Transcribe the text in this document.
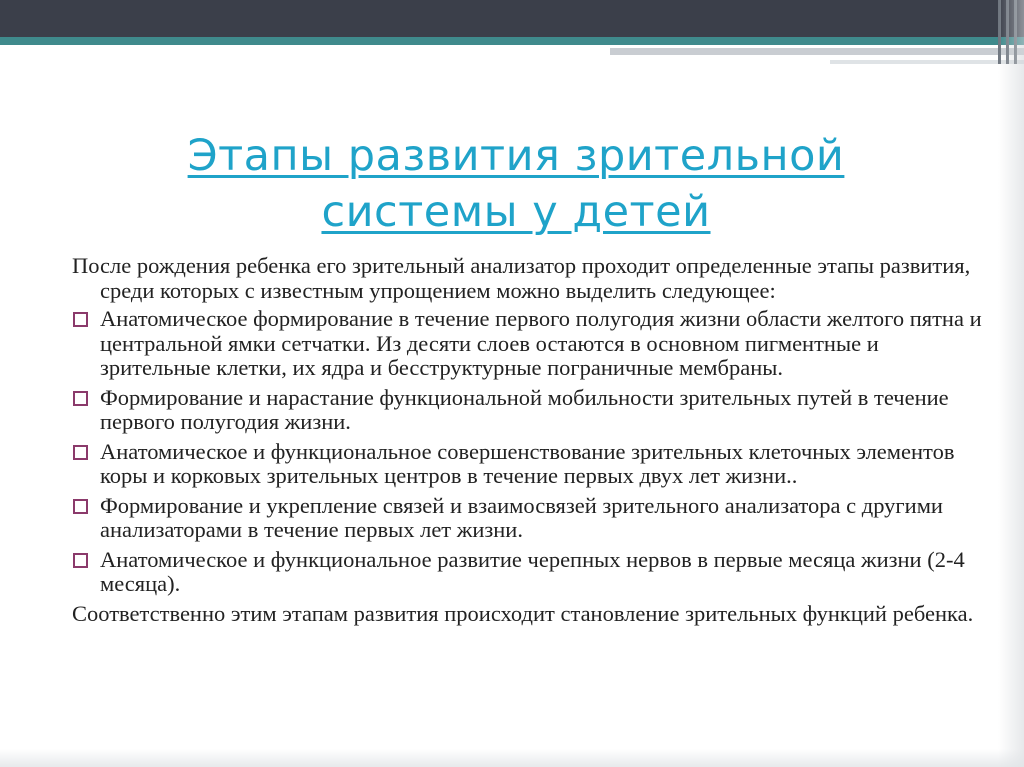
Этапы развития зрительной
системы у детей

После рождения ребенка его зрительный анализатор проходит определенные этапы развития, среди которых с известным упрощением можно выделить следующее:

Анатомическое формирование в течение первого полугодия жизни области желтого пятна и центральной ямки сетчатки. Из десяти слоев остаются в основном пигментные и зрительные клетки, их ядра и бесструктурные пограничные мембраны.
Формирование и нарастание функциональной мобильности зрительных путей в течение первого полугодия жизни.
Анатомическое и функциональное совершенствование зрительных клеточных элементов коры и корковых зрительных центров в течение первых двух лет жизни..
Формирование и укрепление связей и взаимосвязей зрительного анализатора с другими анализаторами в течение первых лет жизни.
Анатомическое и функциональное развитие черепных нервов в первые месяца жизни (2-4 месяца).

Соответственно этим этапам развития происходит становление зрительных функций ребенка.
